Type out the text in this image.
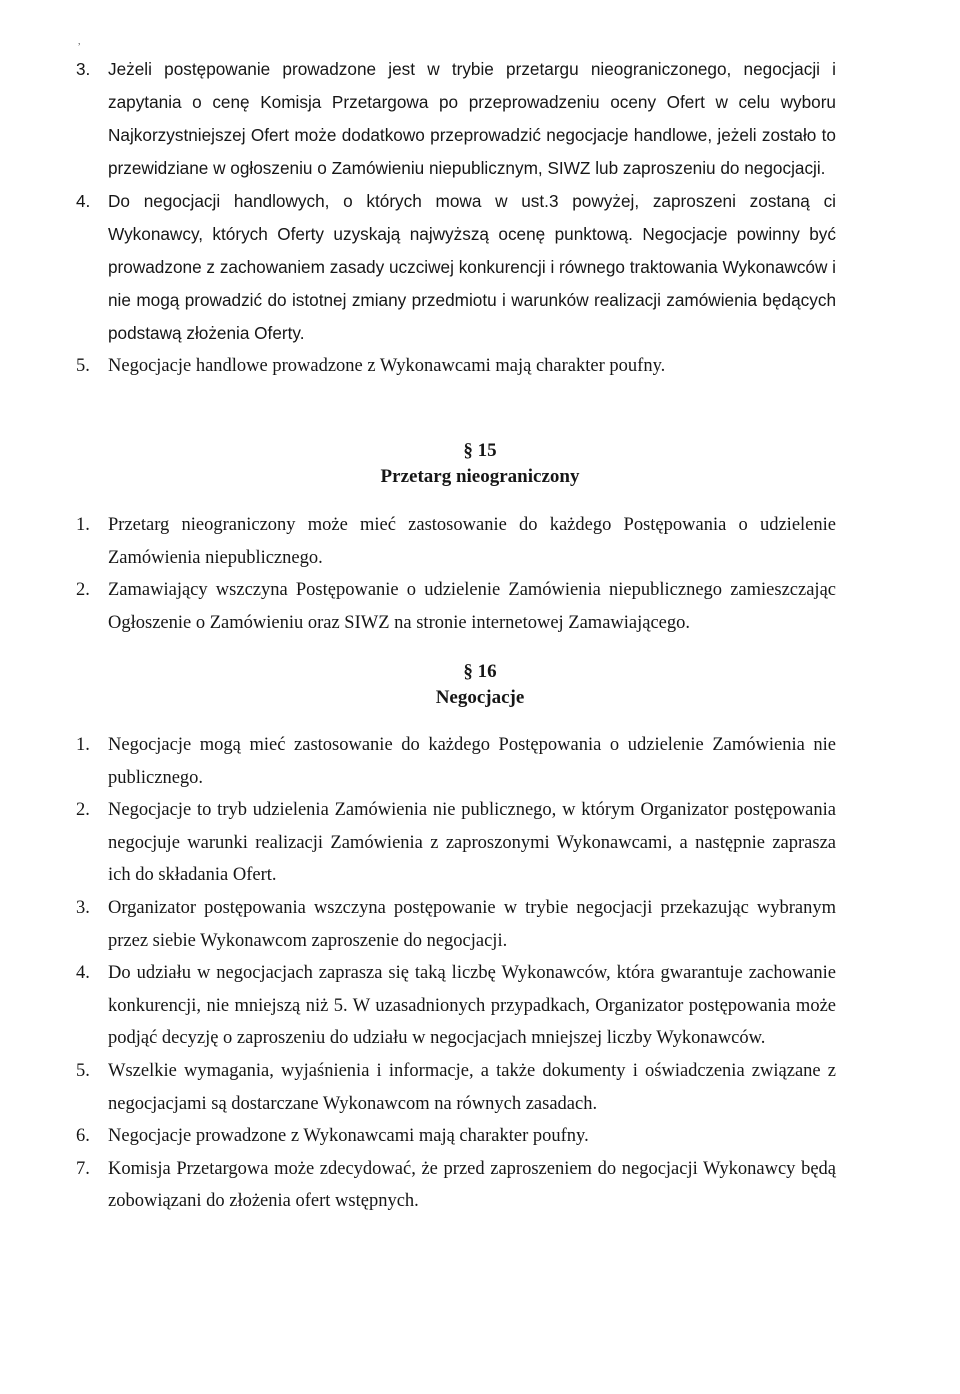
,
3. Jeżeli postępowanie prowadzone jest w trybie przetargu nieograniczonego, negocjacji i zapytania o cenę Komisja Przetargowa po przeprowadzeniu oceny Ofert w celu wyboru Najkorzystniejszej Ofert może dodatkowo przeprowadzić negocjacje handlowe, jeżeli zostało to przewidziane w ogłoszeniu o Zamówieniu niepublicznym, SIWZ lub zaproszeniu do negocjacji.
4. Do negocjacji handlowych, o których mowa w ust.3 powyżej, zaproszeni zostaną ci Wykonawcy, których Oferty uzyskają najwyższą ocenę punktową. Negocjacje powinny być prowadzone z zachowaniem zasady uczciwej konkurencji i równego traktowania Wykonawców i nie mogą prowadzić do istotnej zmiany przedmiotu i warunków realizacji zamówienia będących podstawą złożenia Oferty.
5. Negocjacje handlowe prowadzone z Wykonawcami mają charakter poufny.
§ 15
Przetarg nieograniczony
1. Przetarg nieograniczony może mieć zastosowanie do każdego Postępowania o udzielenie Zamówienia niepublicznego.
2. Zamawiający wszczyna Postępowanie o udzielenie Zamówienia niepublicznego zamieszczając Ogłoszenie o Zamówieniu oraz SIWZ na stronie internetowej Zamawiającego.
§ 16
Negocjacje
1. Negocjacje mogą mieć zastosowanie do każdego Postępowania o udzielenie Zamówienia nie publicznego.
2. Negocjacje to tryb udzielenia Zamówienia nie publicznego, w którym Organizator postępowania negocjuje warunki realizacji Zamówienia z zaproszonymi Wykonawcami, a następnie zaprasza ich do składania Ofert.
3. Organizator postępowania wszczyna postępowanie w trybie negocjacji przekazując wybranym przez siebie Wykonawcom zaproszenie do negocjacji.
4. Do udziału w negocjacjach zaprasza się taką liczbę Wykonawców, która gwarantuje zachowanie konkurencji, nie mniejszą niż 5. W uzasadnionych przypadkach, Organizator postępowania może podjąć decyzję o zaproszeniu do udziału w negocjacjach mniejszej liczby Wykonawców.
5. Wszelkie wymagania, wyjaśnienia i informacje, a także dokumenty i oświadczenia związane z negocjacjami są dostarczane Wykonawcom na równych zasadach.
6. Negocjacje prowadzone z Wykonawcami mają charakter poufny.
7. Komisja Przetargowa może zdecydować, że przed zaproszeniem do negocjacji Wykonawcy będą zobowiązani do złożenia ofert wstępnych.
